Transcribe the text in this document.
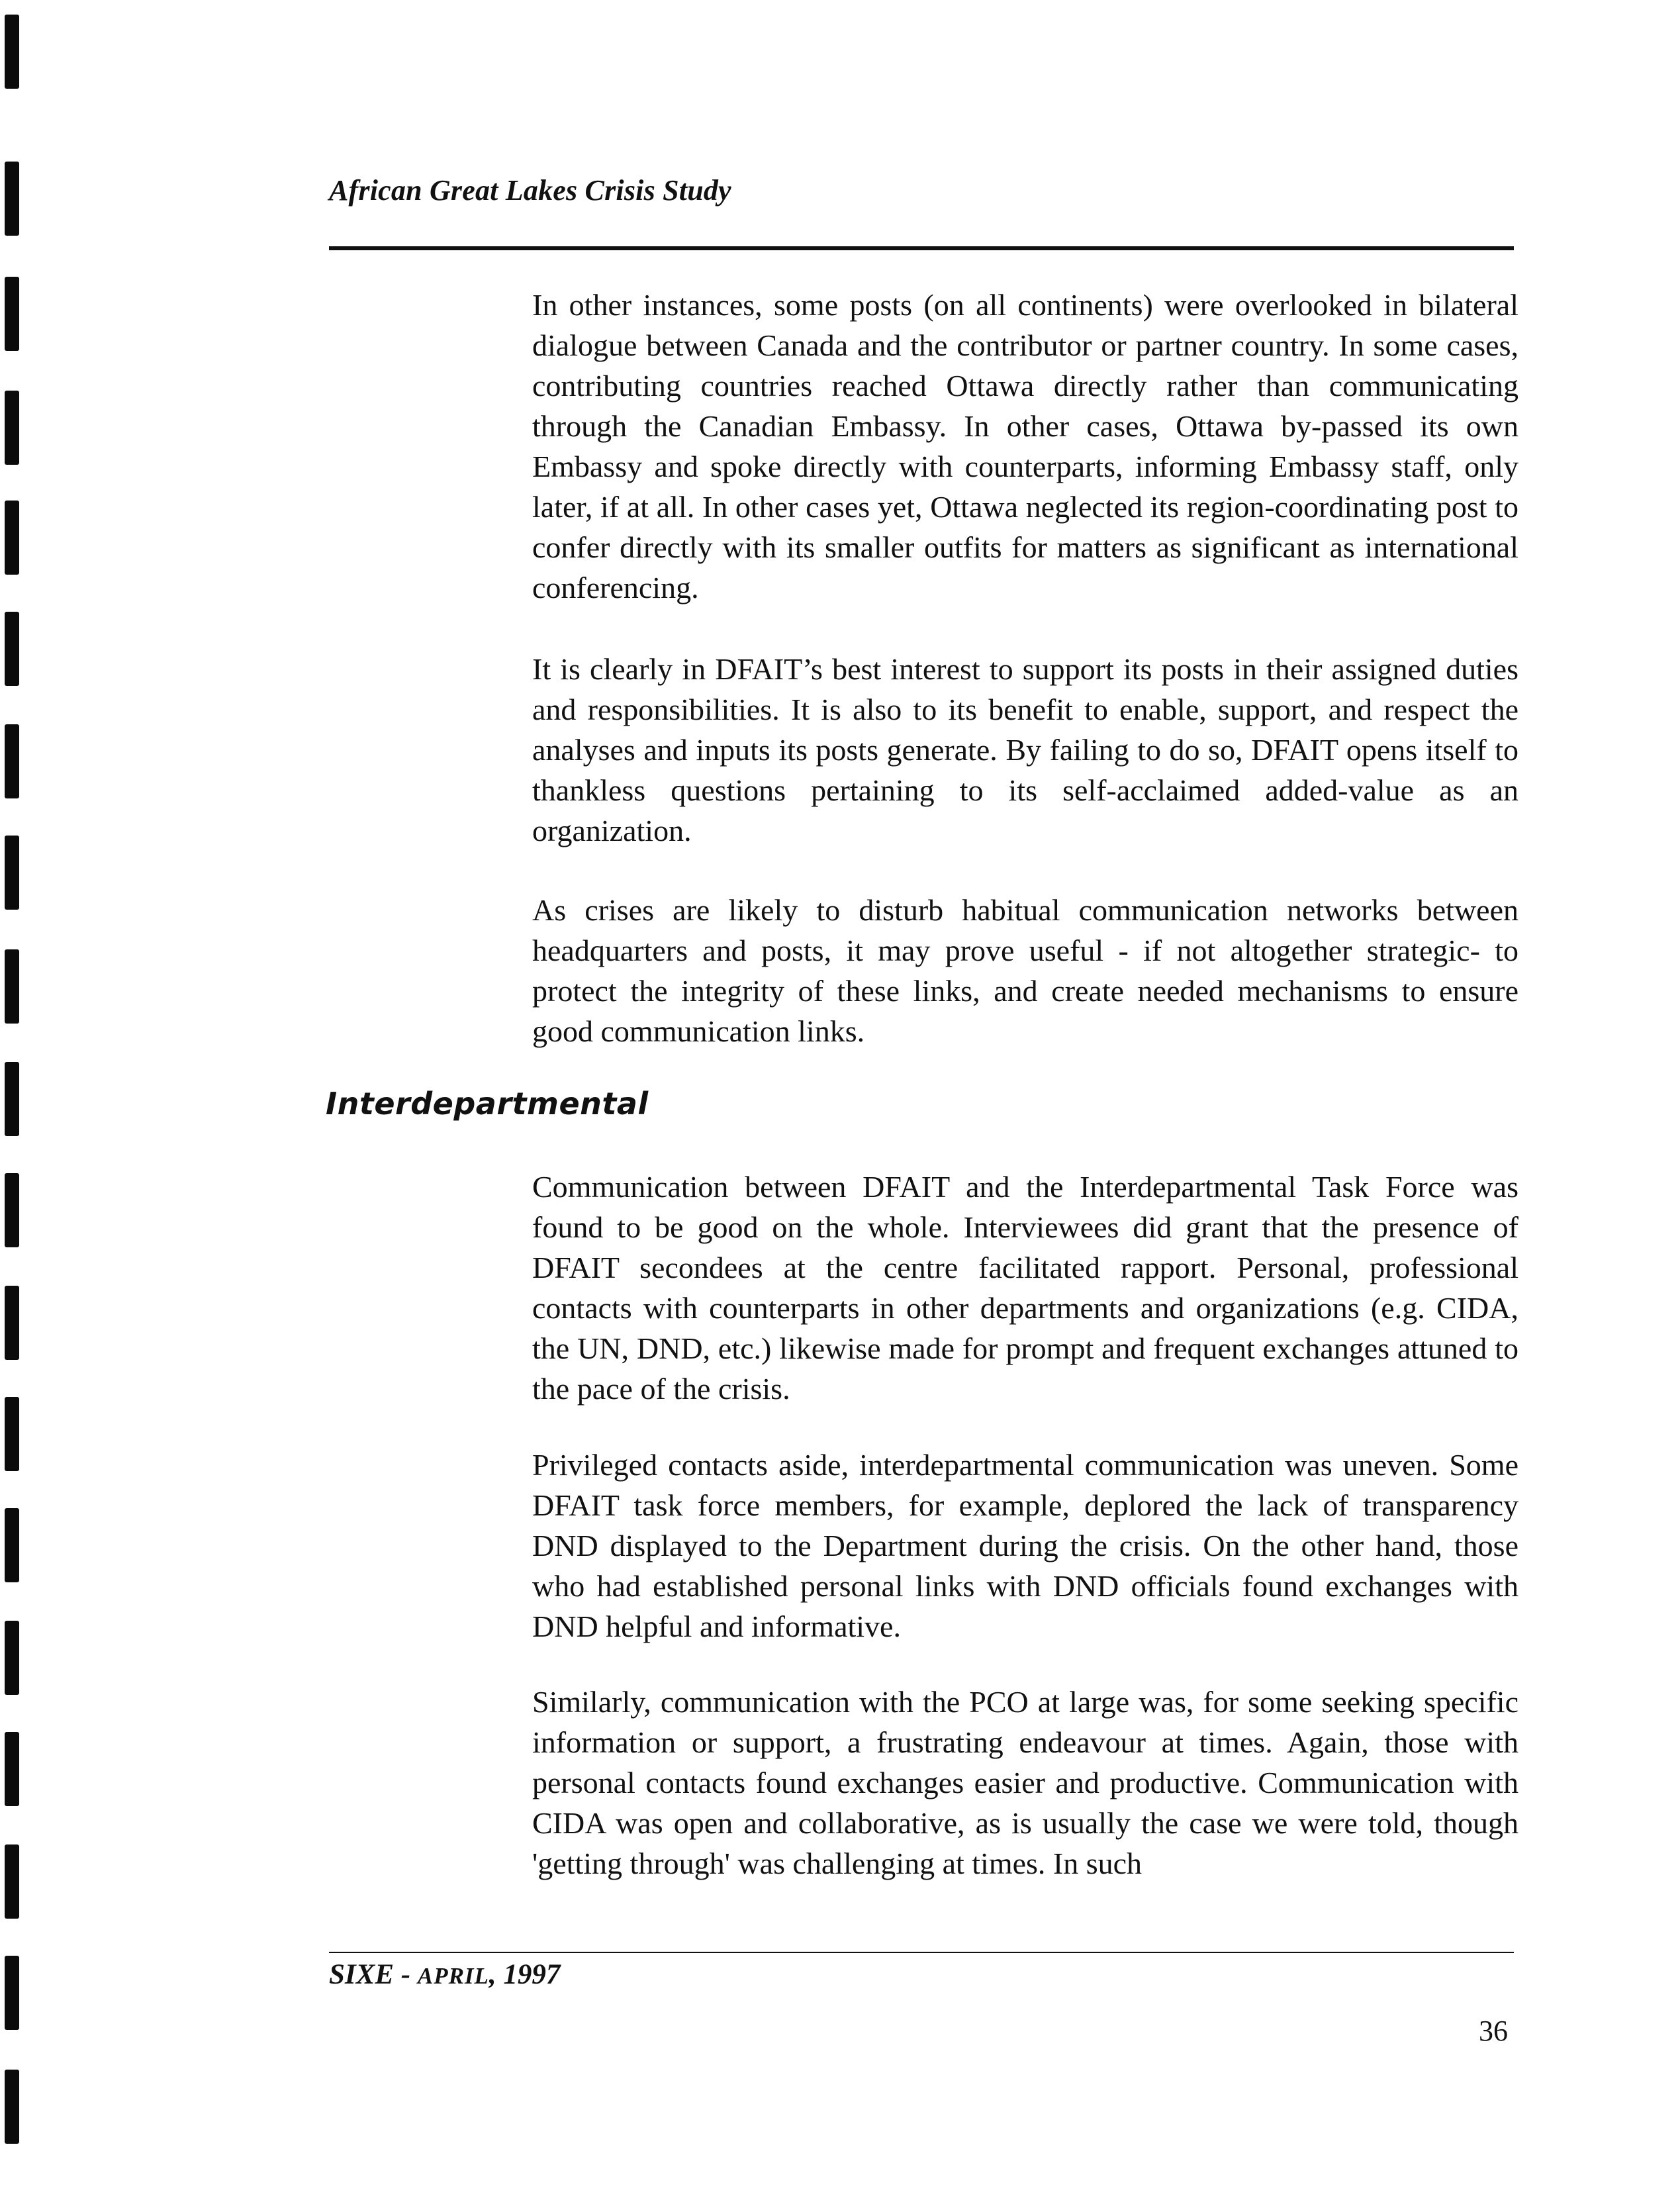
African Great Lakes Crisis Study

In other instances, some posts (on all continents) were overlooked in bilateral dialogue between Canada and the contributor or partner country. In some cases, contributing countries reached Ottawa directly rather than communicating through the Canadian Embassy. In other cases, Ottawa by-passed its own Embassy and spoke directly with counterparts, informing Embassy staff, only later, if at all. In other cases yet, Ottawa neglected its region-coordinating post to confer directly with its smaller outfits for matters as significant as international conferencing.

It is clearly in DFAIT’s best interest to support its posts in their assigned duties and responsibilities. It is also to its benefit to enable, support, and respect the analyses and inputs its posts generate. By failing to do so, DFAIT opens itself to thankless questions pertaining to its self-acclaimed added-value as an organization.

As crises are likely to disturb habitual communication networks between headquarters and posts, it may prove useful - if not altogether strategic- to protect the integrity of these links, and create needed mechanisms to ensure good communication links.

Interdepartmental

Communication between DFAIT and the Interdepartmental Task Force was found to be good on the whole. Interviewees did grant that the presence of DFAIT secondees at the centre facilitated rapport. Personal, professional contacts with counterparts in other departments and organizations (e.g. CIDA, the UN, DND, etc.) likewise made for prompt and frequent exchanges attuned to the pace of the crisis.

Privileged contacts aside, interdepartmental communication was uneven. Some DFAIT task force members, for example, deplored the lack of transparency DND displayed to the Department during the crisis. On the other hand, those who had established personal links with DND officials found exchanges with DND helpful and informative.

Similarly, communication with the PCO at large was, for some seeking specific information or support, a frustrating endeavour at times. Again, those with personal contacts found exchanges easier and productive. Communication with CIDA was open and collaborative, as is usually the case we were told, though 'getting through' was challenging at times. In such

SIXE - APRIL, 1997
36
